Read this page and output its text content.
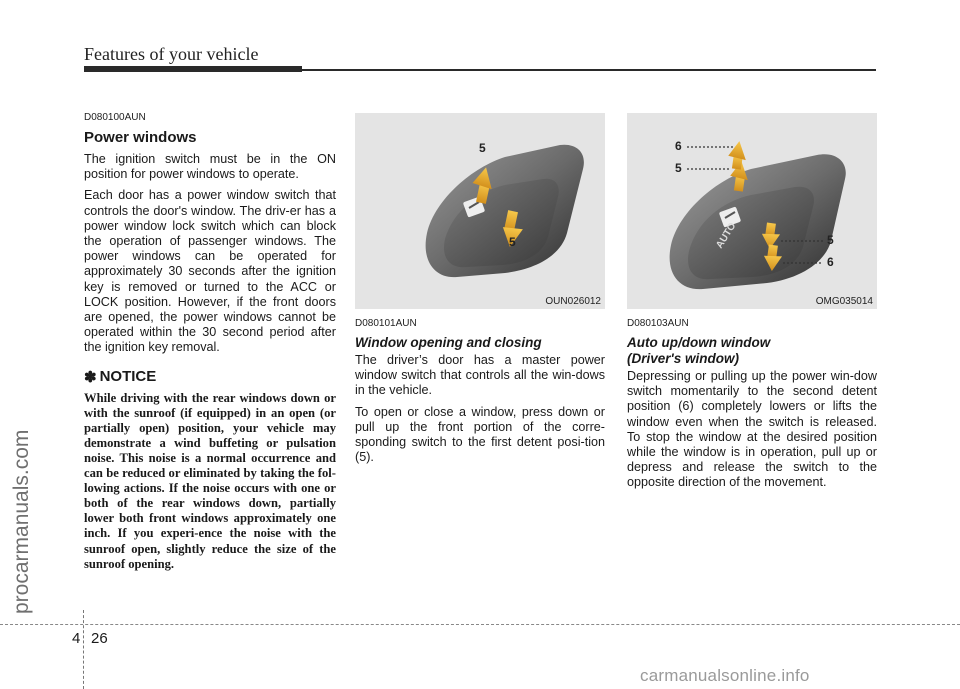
Features of your vehicle
procarmanuals.com
D080100AUN
Power windows

The ignition switch must be in the ON position for power windows to operate.

Each door has a power window switch that controls the door's window. The driv-er has a power window lock switch which can block the operation of passenger windows. The power windows can be operated for approximately 30 seconds after the ignition key is removed or turned to the ACC or LOCK position. However, if the front doors are opened, the power windows cannot be operated within the 30 second period after the ignition key removal.

✽ NOTICE

While driving with the rear windows down or with the sunroof (if equipped) in an open (or partially open) position, your vehicle may demonstrate a wind buffeting or pulsation noise. This noise is a normal occurrence and can be reduced or eliminated by taking the fol-lowing actions. If the noise occurs with one or both of the rear windows down, partially lower both front windows approximately one inch. If you experi-ence the noise with the sunroof open, slightly reduce the size of the sunroof opening.

5
5
OUN026012
AUTO
6
5
5
6
OMG035014
D080101AUN
Window opening and closing

The driver’s door has a master power window switch that controls all the win-dows in the vehicle.

To open or close a window, press down or pull up the front portion of the corre-sponding switch to the first detent posi-tion (5).

D080103AUN
Auto up/down window
(Driver's window)

Depressing or pulling up the power win-dow switch momentarily to the second detent position (6) completely lowers or lifts the window even when the switch is released. To stop the window at the desired position while the window is in operation, pull up or depress and release the switch to the opposite direction of the movement.

4 26
carmanualsonline.info
